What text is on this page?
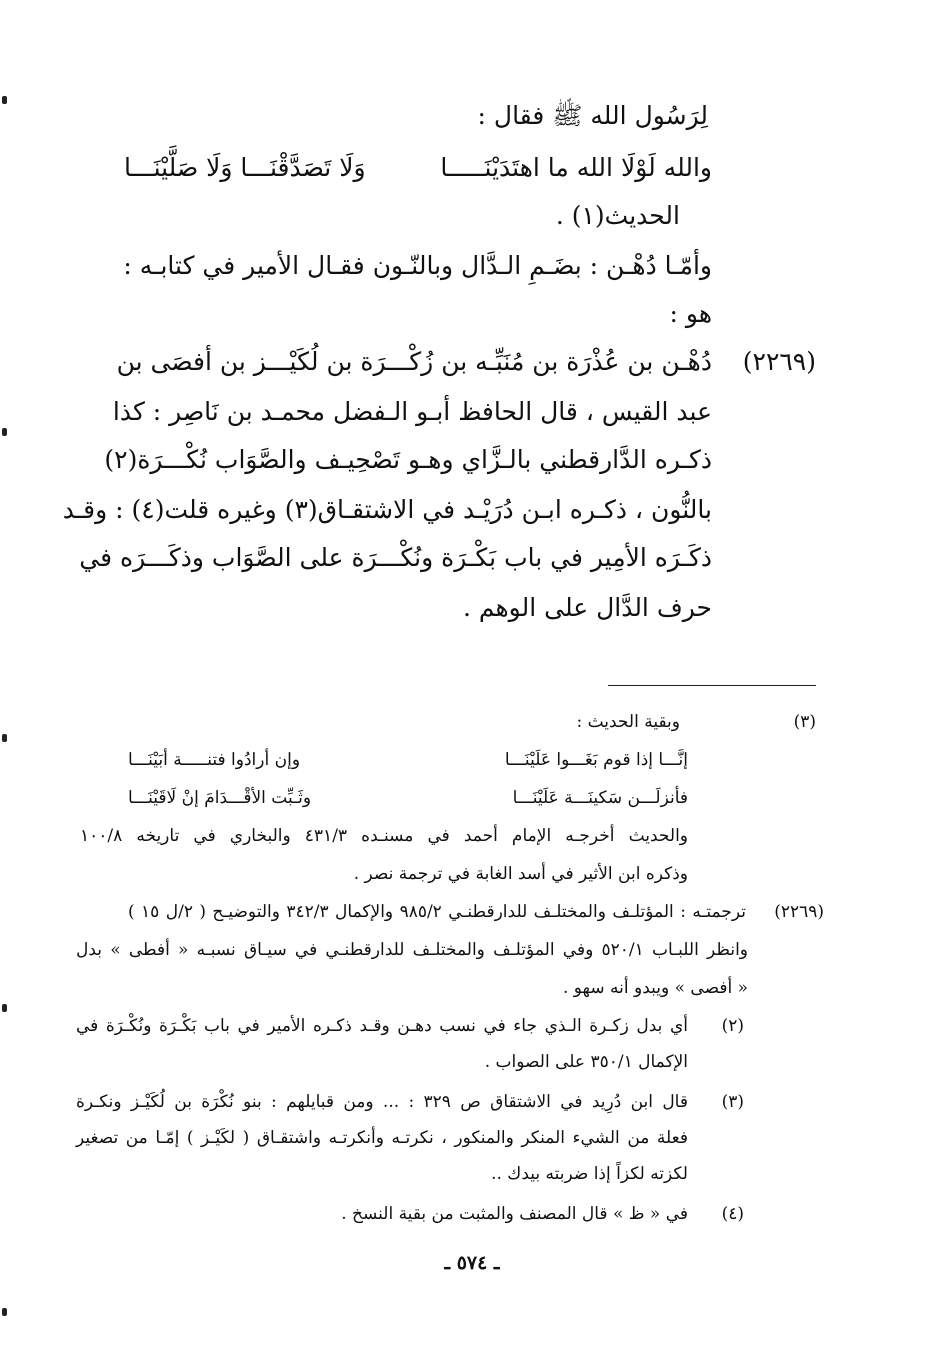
لِرَسُول الله ﷺ فقال :
والله لَوْلَا الله ما اهتَدَيْنَـــــا
وَلَا تَصَدَّقْنَـــا وَلَا صَلَّيْنَـــا
الحديث(١) .
وأمّـا دُهْـن : بضَـمِ الـدَّال وبالنّـون فقـال الأمير في كتابـه :
هو :
(٢٢٦٩)
دُهْـن بن عُذْرَة بن مُنَبِّـه بن زُكْـــرَة بن لُكَيْـــز بن أفصَى بن
عبد القيس ، قال الحافظ أبـو الـفضل محمـد بن نَاصِر : كذا
ذكـره الدَّارقطني بالـزَّاي وهـو تَصْحِيـف والصَّوَاب نُكْـــرَة(٢)
بالنُّون ، ذكـره ابـن دُرَيْـد في الاشتقـاق(٣) وغيره قلت(٤) : وقـد
ذكَـرَه الأمِير في باب بَكْـرَة ونُكْـــرَة على الصَّوَاب وذكَـــرَه في
حرف الدَّال على الوهم .
(٣)
وبقية الحديث :
إنَّـــا إذا قوم بَغَـــوا عَلَيْنَـــا
وإن أرادُوا فتنـــــة أبَيْنَـــا
فأنزلَـــن سَكينَـــة عَلَيْنَـــا
وثَـبِّت الأقْـــدَامَ إنْ لَاقَيْنَـــا
والحديث أخرجـه الإمام أحمد في مسنـده ٤٣١/٣ والبخاري في تاريخه ١٠٠/٨
وذكره ابن الأثير في أسد الغابة في ترجمة نصر .
(٢٢٦٩)
ترجمتـه : المؤتلـف والمختلـف للدارقطنـي ٩٨٥/٢ والإكمال ٣٤٢/٣ والتوضيـح ( ٢/ل ١٥ )
وانظر اللبـاب ٥٢٠/١ وفي المؤتلـف والمختلـف للدارقطنـي في سيـاق نسبـه « أفطى » بدل
« أفصى » ويبدو أنه سهو .
(٢)
أي بدل زكـرة الـذي جاء في نسب دهـن وقـد ذكـره الأمير في باب بَكْـرَة ونُكْـرَة في
الإكمال ٣٥٠/١ على الصواب .
(٣)
قال ابن دُرِيد في الاشتقاق ص ٣٢٩ : ... ومن قبايلهم : بنو نُكْرَة بن لُكَيْـز ونكـرة
فعلة من الشيء المنكر والمنكور ، نكرتـه وأنكرتـه واشتقـاق ( لكَيْـز ) إمّـا من تصغير
لكزته لكزاً إذا ضربته بيدك ..
(٤)
في « ظ » قال المصنف والمثبت من بقية النسخ .
ـ ٥٧٤ ـ
